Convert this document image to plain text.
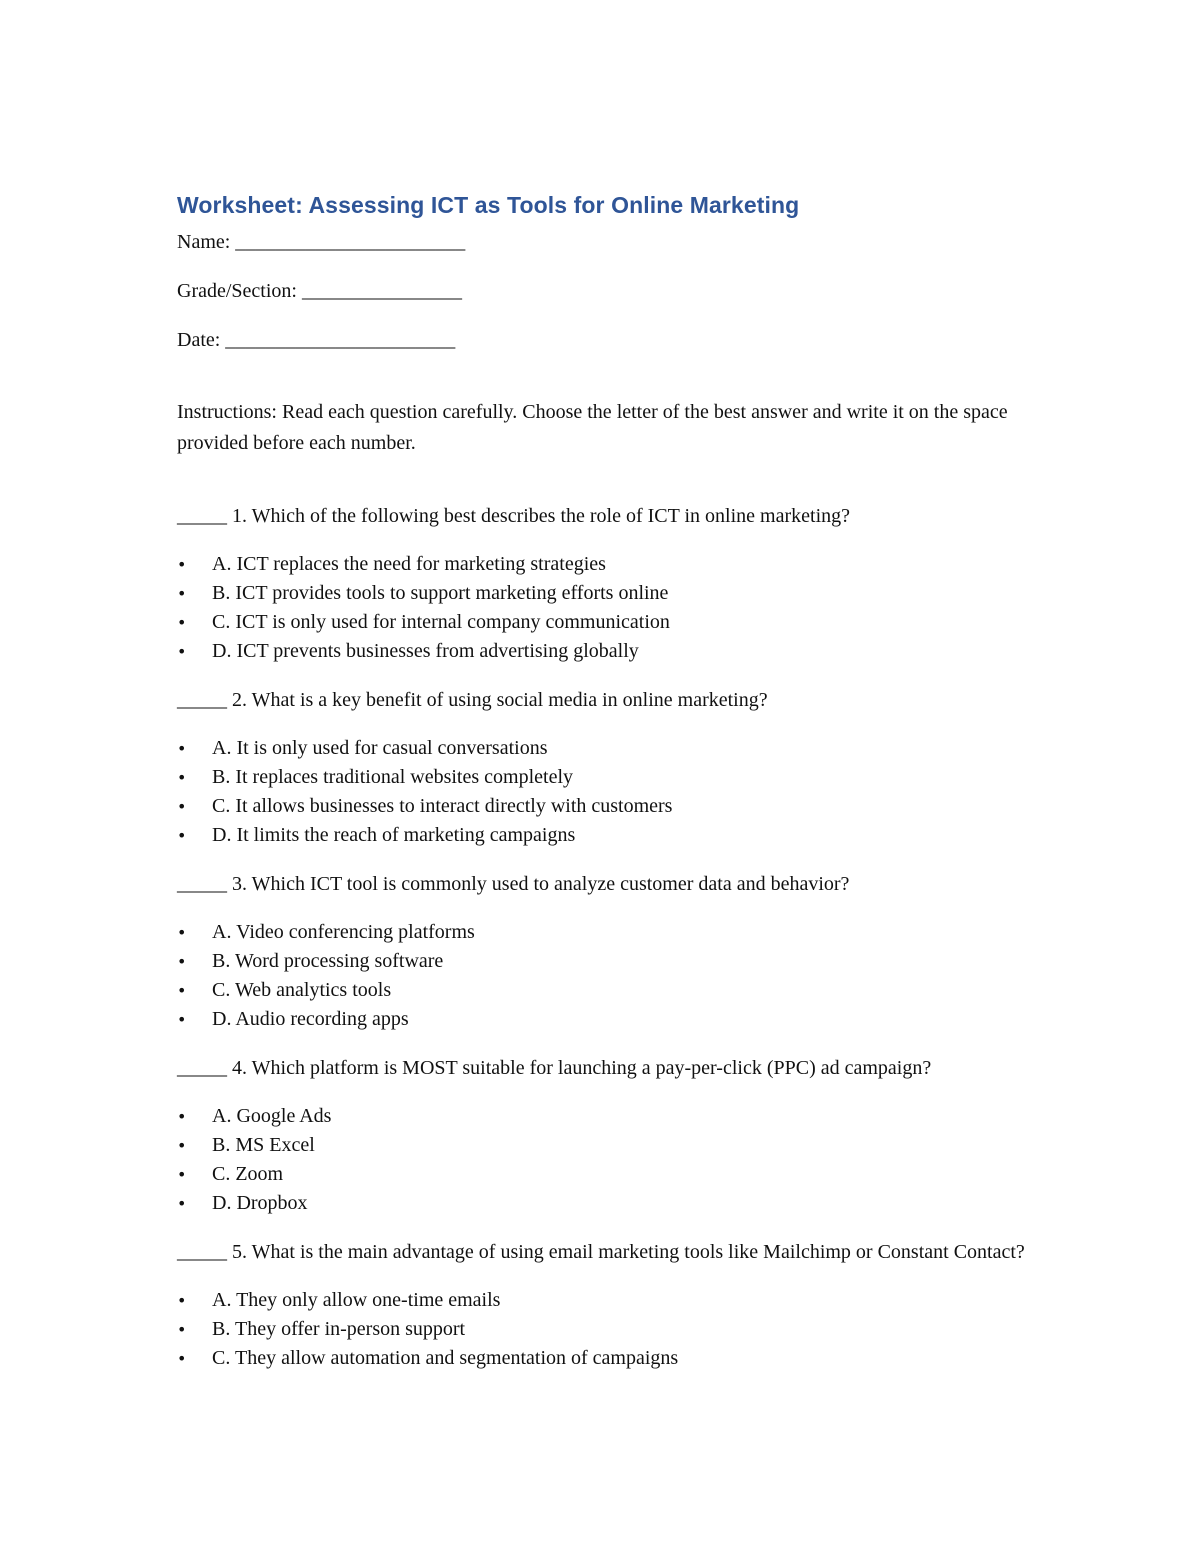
Worksheet: Assessing ICT as Tools for Online Marketing
Name: _______________________
Grade/Section: ________________
Date: _______________________

Instructions: Read each question carefully. Choose the letter of the best answer and write it on the space provided before each number.

_____ 1. Which of the following best describes the role of ICT in online marketing?

• A. ICT replaces the need for marketing strategies
• B. ICT provides tools to support marketing efforts online
• C. ICT is only used for internal company communication
• D. ICT prevents businesses from advertising globally

_____ 2. What is a key benefit of using social media in online marketing?

• A. It is only used for casual conversations
• B. It replaces traditional websites completely
• C. It allows businesses to interact directly with customers
• D. It limits the reach of marketing campaigns

_____ 3. Which ICT tool is commonly used to analyze customer data and behavior?

• A. Video conferencing platforms
• B. Word processing software
• C. Web analytics tools
• D. Audio recording apps

_____ 4. Which platform is MOST suitable for launching a pay-per-click (PPC) ad campaign?

• A. Google Ads
• B. MS Excel
• C. Zoom
• D. Dropbox

_____ 5. What is the main advantage of using email marketing tools like Mailchimp or Constant Contact?

• A. They only allow one-time emails
• B. They offer in-person support
• C. They allow automation and segmentation of campaigns
